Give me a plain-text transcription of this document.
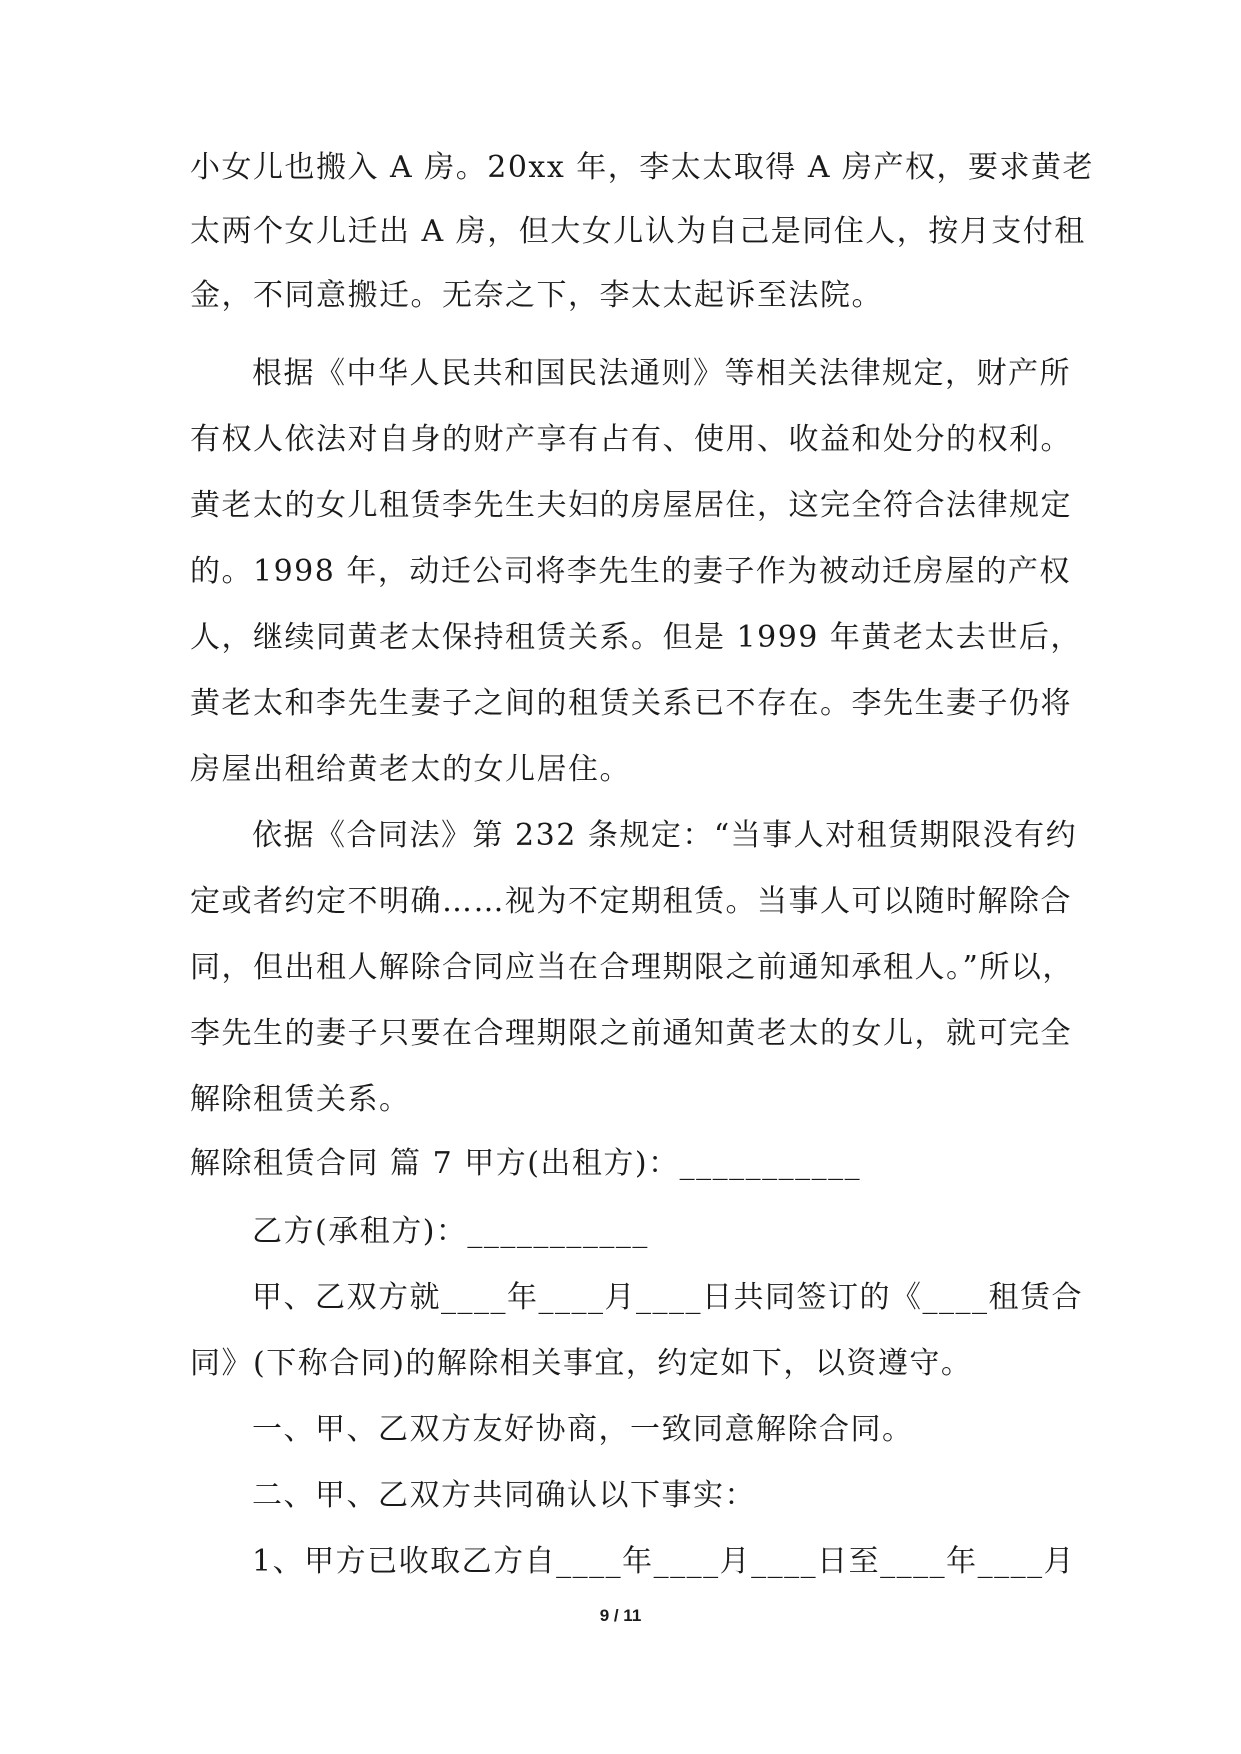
小女儿也搬入 A 房。20xx 年，李太太取得 A 房产权，要求黄老
太两个女儿迁出 A 房，但大女儿认为自己是同住人，按月支付租
金，不同意搬迁。无奈之下，李太太起诉至法院。
根据《中华人民共和国民法通则》等相关法律规定，财产所
有权人依法对自身的财产享有占有、使用、收益和处分的权利。
黄老太的女儿租赁李先生夫妇的房屋居住，这完全符合法律规定
的。1998 年，动迁公司将李先生的妻子作为被动迁房屋的产权
人，继续同黄老太保持租赁关系。但是 1999 年黄老太去世后，
黄老太和李先生妻子之间的租赁关系已不存在。李先生妻子仍将
房屋出租给黄老太的女儿居住。
依据《合同法》第 232 条规定：“当事人对租赁期限没有约
定或者约定不明确……视为不定期租赁。当事人可以随时解除合
同，但出租人解除合同应当在合理期限之前通知承租人。”所以，
李先生的妻子只要在合理期限之前通知黄老太的女儿，就可完全
解除租赁关系。
解除租赁合同 篇 7 甲方(出租方)：___________
乙方(承租方)：___________
甲、乙双方就____年____月____日共同签订的《____租赁合
同》(下称合同)的解除相关事宜，约定如下，以资遵守。
一、甲、乙双方友好协商，一致同意解除合同。
二、甲、乙双方共同确认以下事实：
1、甲方已收取乙方自____年____月____日至____年____月
9 / 11
